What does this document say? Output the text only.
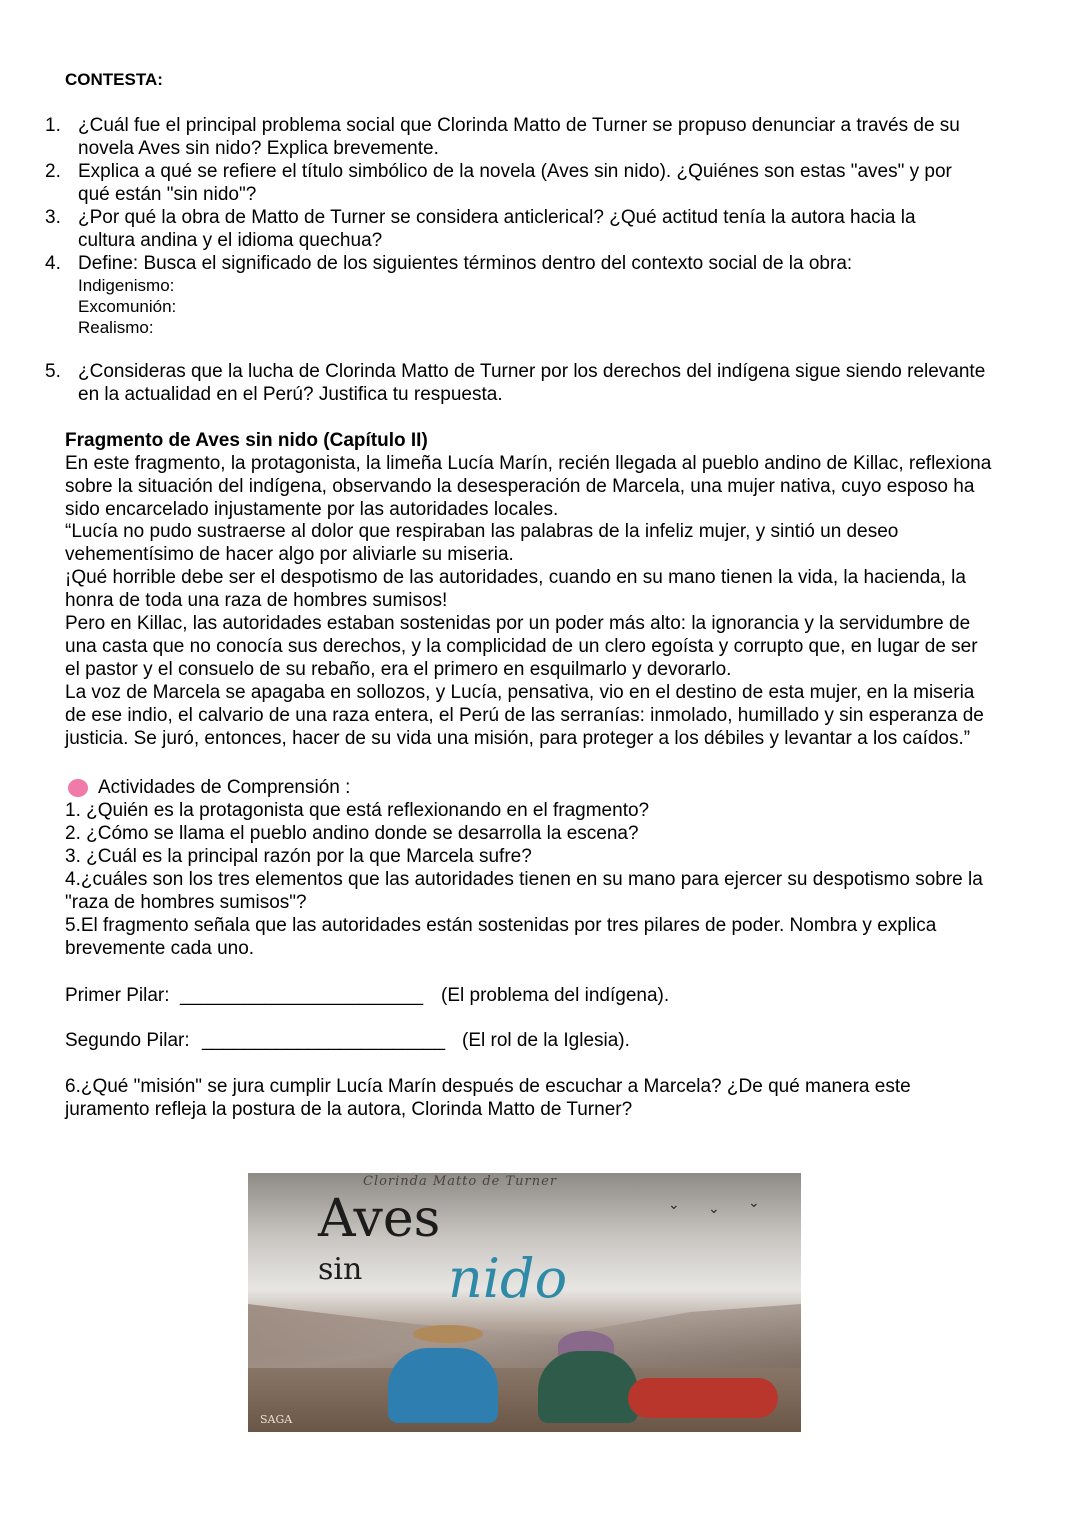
CONTESTA:
1. ¿Cuál fue el principal problema social que Clorinda Matto de Turner se propuso denunciar a través de su
novela Aves sin nido? Explica brevemente.
2. Explica a qué se refiere el título simbólico de la novela (Aves sin nido). ¿Quiénes son estas "aves" y por
qué están "sin nido"?
3. ¿Por qué la obra de Matto de Turner se considera anticlerical? ¿Qué actitud tenía la autora hacia la
cultura andina y el idioma quechua?
4. Define: Busca el significado de los siguientes términos dentro del contexto social de la obra:
Indigenismo:
Excomunión:
Realismo:
5. ¿Consideras que la lucha de Clorinda Matto de Turner por los derechos del indígena sigue siendo relevante
en la actualidad en el Perú? Justifica tu respuesta.
Fragmento de Aves sin nido (Capítulo II)
En este fragmento, la protagonista, la limeña Lucía Marín, recién llegada al pueblo andino de Killac, reflexiona
sobre la situación del indígena, observando la desesperación de Marcela, una mujer nativa, cuyo esposo ha
sido encarcelado injustamente por las autoridades locales.
“Lucía no pudo sustraerse al dolor que respiraban las palabras de la infeliz mujer, y sintió un deseo
vehementísimo de hacer algo por aliviarle su miseria.
¡Qué horrible debe ser el despotismo de las autoridades, cuando en su mano tienen la vida, la hacienda, la
honra de toda una raza de hombres sumisos!
Pero en Killac, las autoridades estaban sostenidas por un poder más alto: la ignorancia y la servidumbre de
una casta que no conocía sus derechos, y la complicidad de un clero egoísta y corrupto que, en lugar de ser
el pastor y el consuelo de su rebaño, era el primero en esquilmarlo y devorarlo.
La voz de Marcela se apagaba en sollozos, y Lucía, pensativa, vio en el destino de esta mujer, en la miseria
de ese indio, el calvario de una raza entera, el Perú de las serranías: inmolado, humillado y sin esperanza de
justicia. Se juró, entonces, hacer de su vida una misión, para proteger a los débiles y levantar a los caídos.”
Actividades de Comprensión :
1. ¿Quién es la protagonista que está reflexionando en el fragmento?
2. ¿Cómo se llama el pueblo andino donde se desarrolla la escena?
3. ¿Cuál es la principal razón por la que Marcela sufre?
4.¿cuáles son los tres elementos que las autoridades tienen en su mano para ejercer su despotismo sobre la
"raza de hombres sumisos"?
5.El fragmento señala que las autoridades están sostenidas por tres pilares de poder. Nombra y explica
brevemente cada uno.
Primer Pilar: _______________________ (El problema del indígena).
Segundo Pilar: _______________________ (El rol de la Iglesia).
6.¿Qué "misión" se jura cumplir Lucía Marín después de escuchar a Marcela? ¿De qué manera este
juramento refleja la postura de la autora, Clorinda Matto de Turner?
Clorinda Matto de Turner
Aves
sin nido
⌄ ⌄ ⌄
SAGA
